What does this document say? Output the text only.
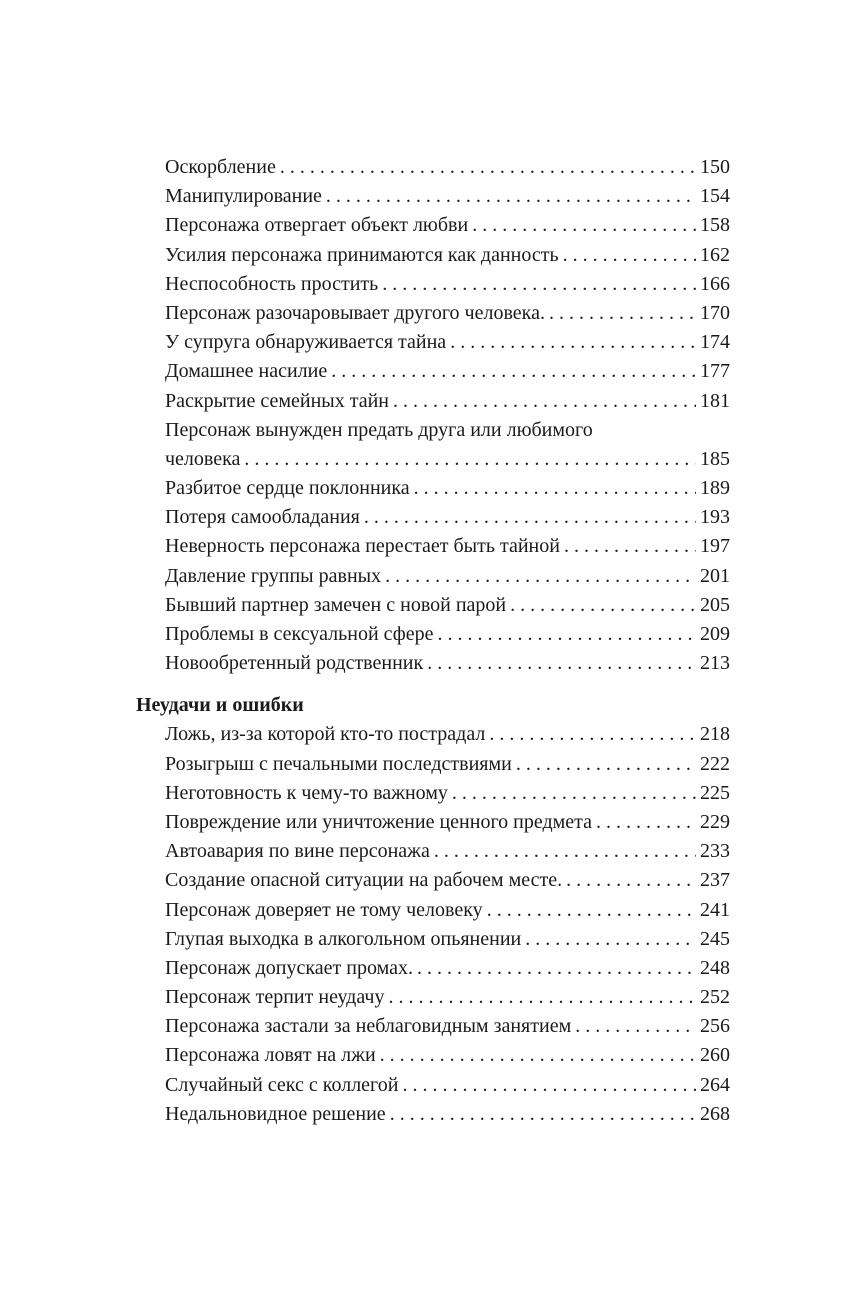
Оскорбление . . .	150
Манипулирование . . .	154
Персонажа отвергает объект любви . . .	158
Усилия персонажа принимаются как данность . . .	162
Неспособность простить . . .	166
Персонаж разочаровывает другого человека. . . .	170
У супруга обнаруживается тайна . . .	174
Домашнее насилие . . .	177
Раскрытие семейных тайн . . .	181
Персонаж вынужден предать друга или любимого
человека . . .	185
Разбитое сердце поклонника . . .	189
Потеря самообладания . . .	193
Неверность персонажа перестает быть тайной . . .	197
Давление группы равных . . .	201
Бывший партнер замечен с новой парой . . .	205
Проблемы в сексуальной сфере . . .	209
Новообретенный родственник . . .	213
Неудачи и ошибки
Ложь, из-за которой кто-то пострадал . . .	218
Розыгрыш с печальными последствиями . . .	222
Неготовность к чему-то важному . . .	225
Повреждение или уничтожение ценного предмета . . .	229
Автоавария по вине персонажа . . .	233
Создание опасной ситуации на рабочем месте. . . .	237
Персонаж доверяет не тому человеку . . .	241
Глупая выходка в алкогольном опьянении . . .	245
Персонаж допускает промах. . . .	248
Персонаж терпит неудачу . . .	252
Персонажа застали за неблаговидным занятием . . .	256
Персонажа ловят на лжи . . .	260
Случайный секс с коллегой . . .	264
Недальновидное решение . . .	268
